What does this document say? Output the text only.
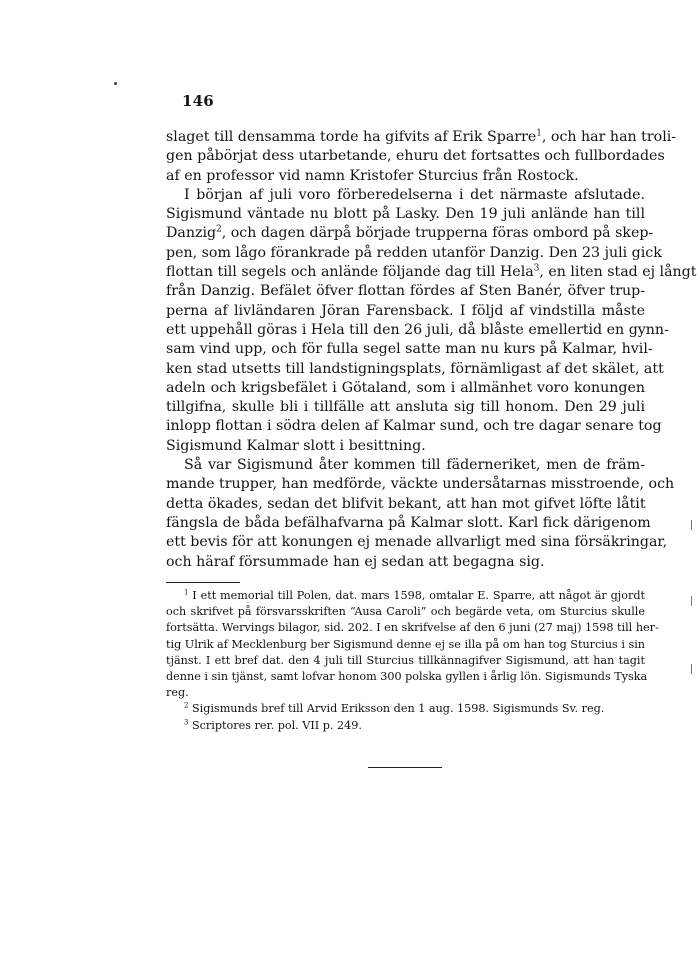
146
slaget till densamma torde ha gifvits af Erik Sparre$^1$, och har han troli-
gen påbörjat dess utarbetande, ehuru det fortsattes och fullbordades
af en professor vid namn Kristofer Sturcius från Rostock.
I början af juli voro förberedelserna i det närmaste afslutade.
Sigismund väntade nu blott på Lasky. Den 19 juli anlände han till
Danzig$^2$, och dagen därpå började trupperna föras ombord på skep-
pen, som lågo förankrade på redden utanför Danzig. Den 23 juli gick
flottan till segels och anlände följande dag till Hela$^3$, en liten stad ej långt
från Danzig. Befälet öfver flottan fördes af Sten Banér, öfver trup-
perna af livländaren Jöran Farensback. I följd af vindstilla måste
ett uppehåll göras i Hela till den 26 juli, då blåste emellertid en gynn-
sam vind upp, och för fulla segel satte man nu kurs på Kalmar, hvil-
ken stad utsetts till landstigningsplats, förnämligast af det skälet, att
adeln och krigsbefälet i Götaland, som i allmänhet voro konungen
tillgifna, skulle bli i tillfälle att ansluta sig till honom. Den 29 juli
inlopp flottan i södra delen af Kalmar sund, och tre dagar senare tog
Sigismund Kalmar slott i besittning.
Så var Sigismund åter kommen till fäderneriket, men de främ-
mande trupper, han medförde, väckte undersåtarnas misstroende, och
detta ökades, sedan det blifvit bekant, att han mot gifvet löfte låtit
fängsla de båda befälhafvarna på Kalmar slott. Karl fick därigenom
ett bevis för att konungen ej menade allvarligt med sina försäkringar,
och häraf försummade han ej sedan att begagna sig.
$^1$ I ett memorial till Polen, dat. mars 1598, omtalar E. Sparre, att något är gjordt
och skrifvet på försvarsskriften “Ausa Caroli” och begärde veta, om Sturcius skulle
fortsätta. Wervings bilagor, sid. 202. I en skrifvelse af den 6 juni (27 maj) 1598 till her-
tig Ulrik af Mecklenburg ber Sigismund denne ej se illa på om han tog Sturcius i sin
tjänst. I ett bref dat. den 4 juli till Sturcius tillkännagifver Sigismund, att han tagit
denne i sin tjänst, samt lofvar honom 300 polska gyllen i årlig lön. Sigismunds Tyska
reg.
$^2$ Sigismunds bref till Arvid Eriksson den 1 aug. 1598. Sigismunds Sv. reg.
$^3$ Scriptores rer. pol. VII p. 249.
